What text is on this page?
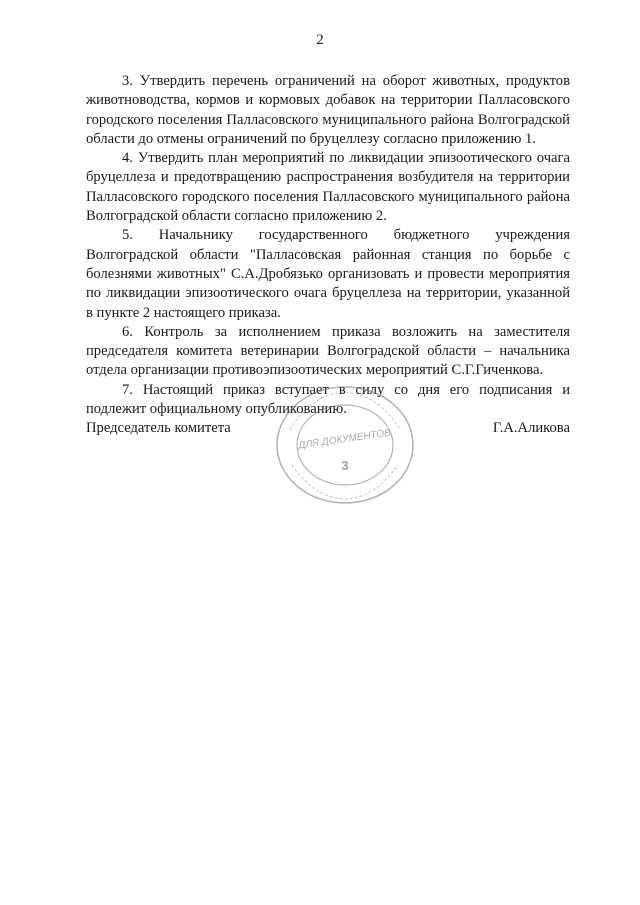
2

3. Утвердить перечень ограничений на оборот животных, продуктов животноводства, кормов и кормовых добавок на территории Палласовского городского поселения Палласовского муниципального района Волгоградской области до отмены ограничений по бруцеллезу согласно приложению 1.

4. Утвердить план мероприятий по ликвидации эпизоотического очага бруцеллеза и предотвращению распространения возбудителя на территории Палласовского городского поселения Палласовского муниципального района Волгоградской области согласно приложению 2.

5. Начальнику государственного бюджетного учреждения Волгоградской области "Палласовская районная станция по борьбе с болезнями животных" С.А.Дробязько организовать и провести мероприятия по ликвидации эпизоотического очага бруцеллеза на территории, указанной в пункте 2 настоящего приказа.

6. Контроль за исполнением приказа возложить на заместителя председателя комитета ветеринарии Волгоградской области – начальника отдела организации противоэпизоотических мероприятий С.Г.Гиченкова.

7. Настоящий приказ вступает в силу со дня его подписания и подлежит официальному опубликованию.

ДЛЯ ДОКУМЕНТОВ
3
Председатель комитета	Г.А.Аликова
